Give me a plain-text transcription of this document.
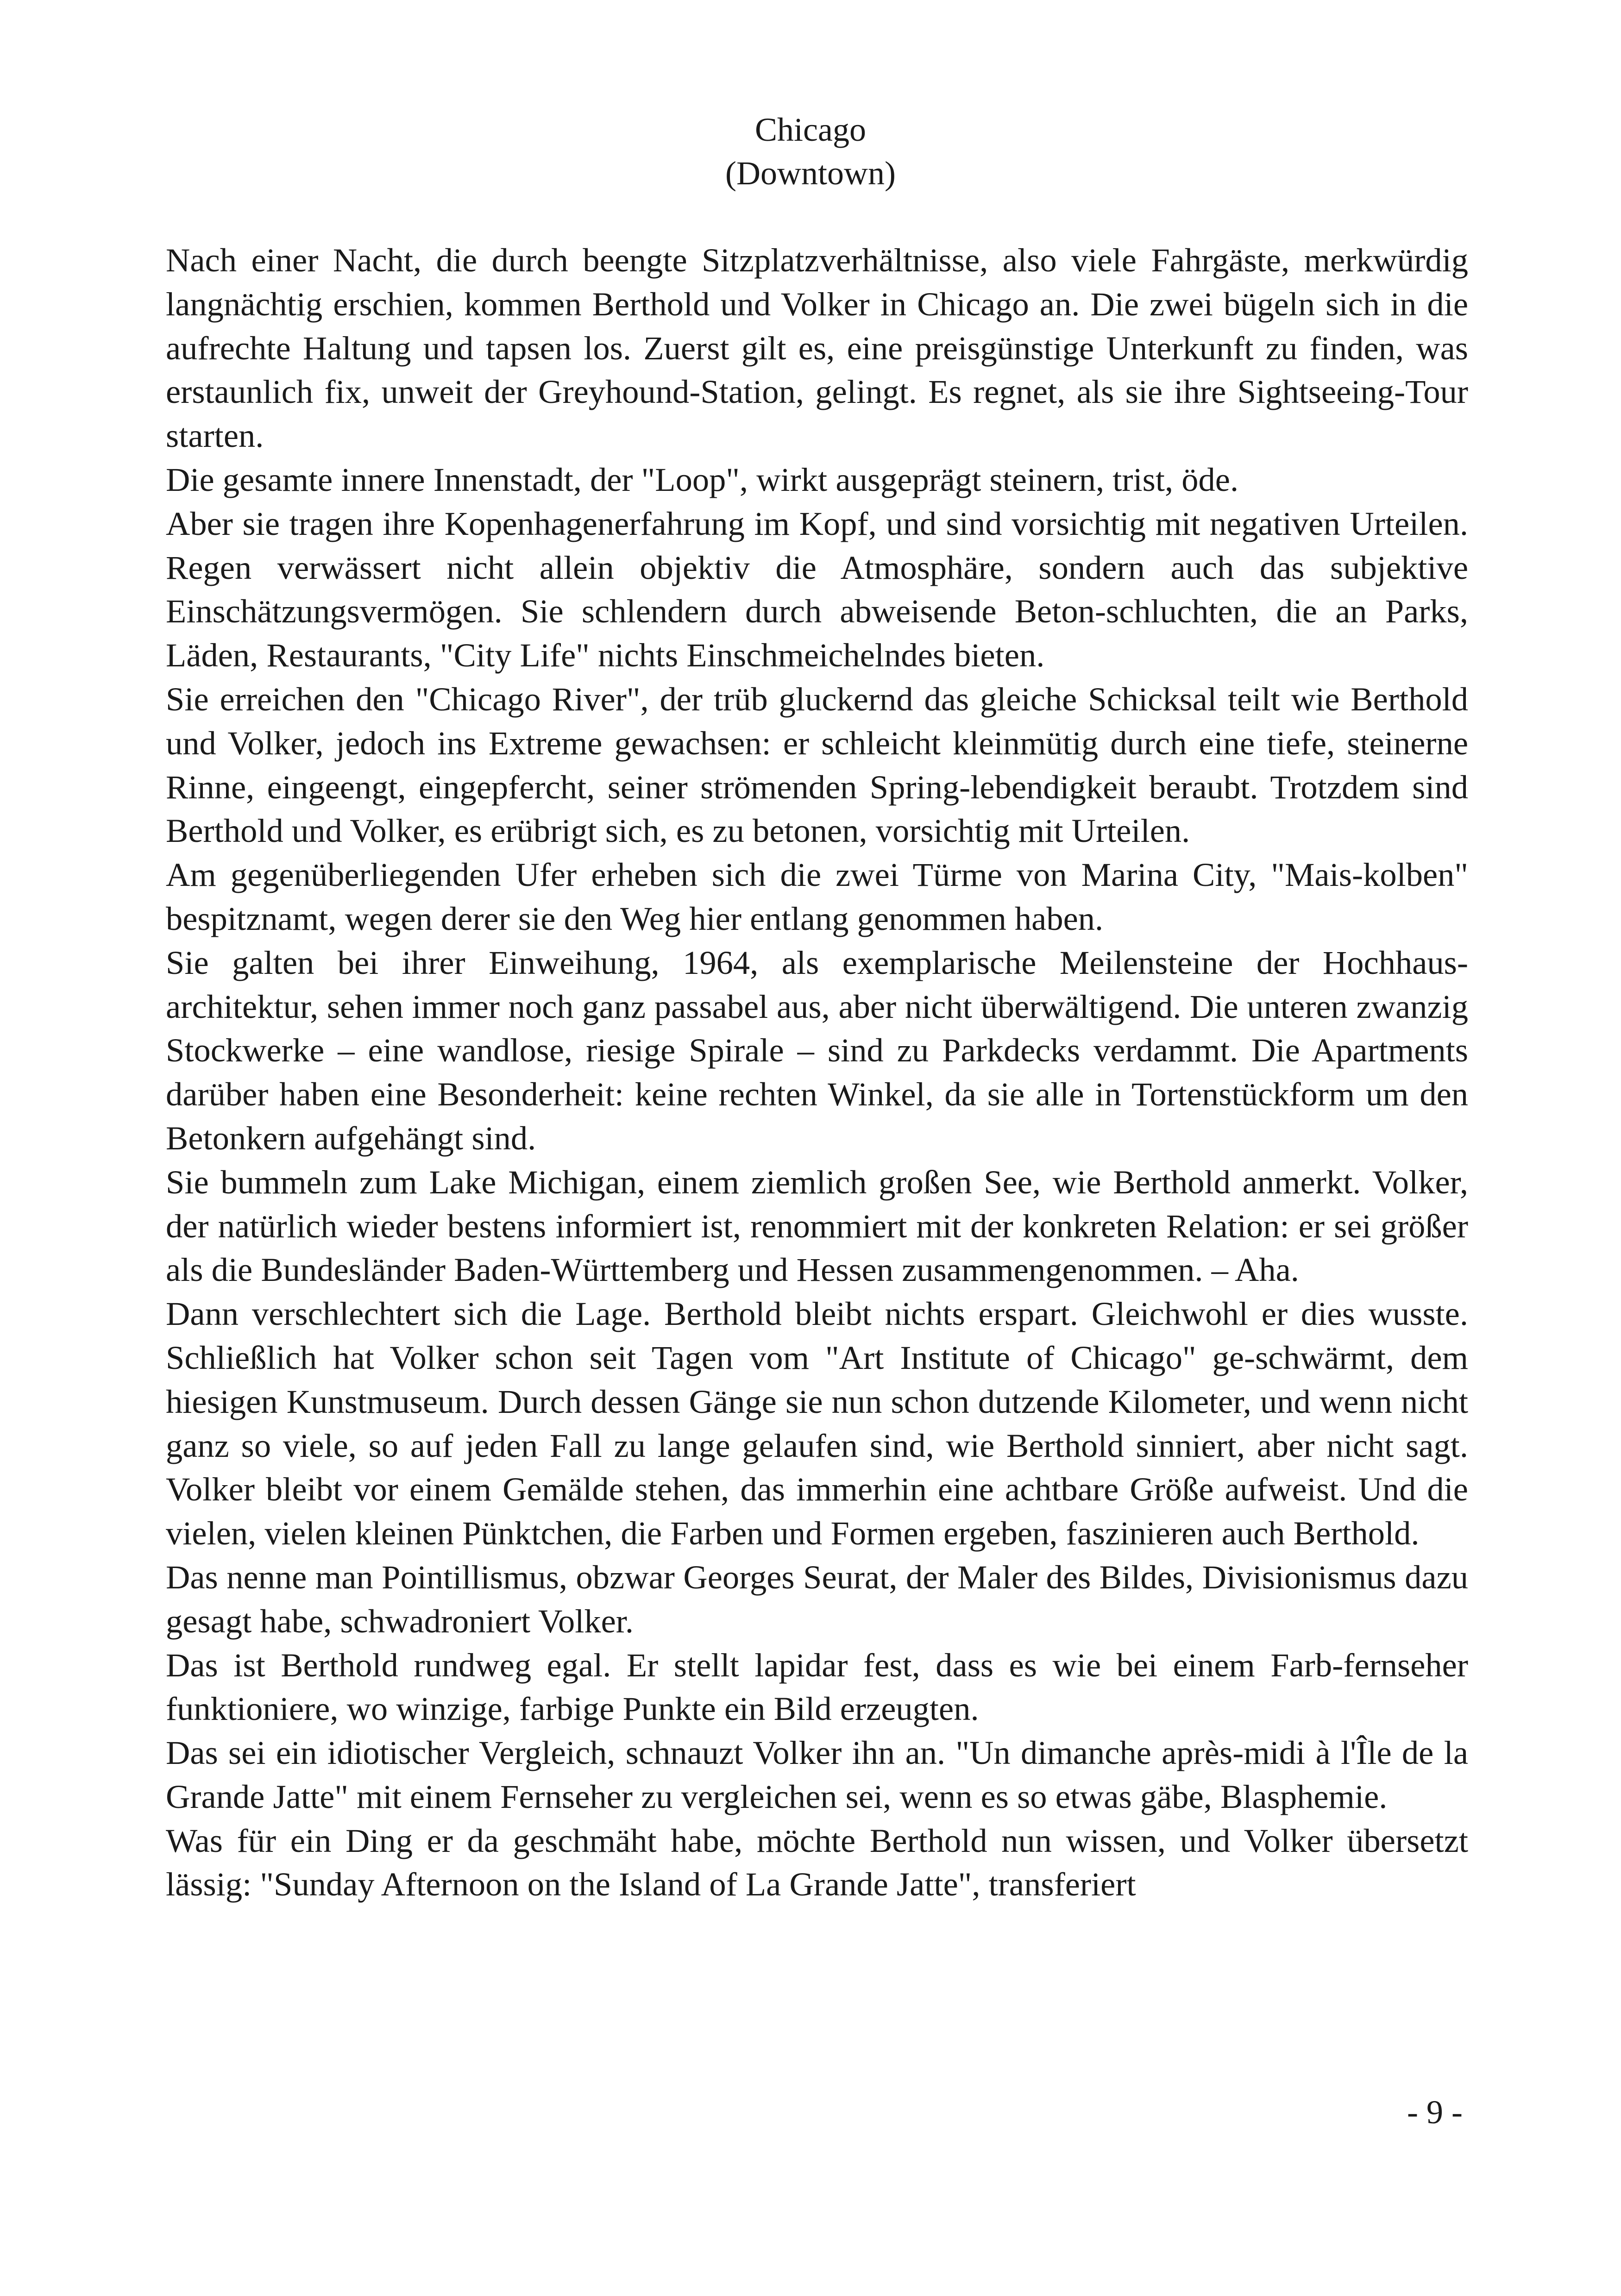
Chicago
(Downtown)

Nach einer Nacht, die durch beengte Sitzplatzverhältnisse, also viele Fahrgäste, merkwürdig langnächtig erschien, kommen Berthold und Volker in Chicago an. Die zwei bügeln sich in die aufrechte Haltung und tapsen los. Zuerst gilt es, eine preisgünstige Unterkunft zu finden, was erstaunlich fix, unweit der Greyhound-Station, gelingt. Es regnet, als sie ihre Sightseeing-Tour starten.

Die gesamte innere Innenstadt, der "Loop", wirkt ausgeprägt steinern, trist, öde.

Aber sie tragen ihre Kopenhagenerfahrung im Kopf, und sind vorsichtig mit negativen Urteilen. Regen verwässert nicht allein objektiv die Atmosphäre, sondern auch das subjektive Einschätzungsvermögen. Sie schlendern durch abweisende Beton-schluchten, die an Parks, Läden, Restaurants, "City Life" nichts Einschmeichelndes bieten.

Sie erreichen den "Chicago River", der trüb gluckernd das gleiche Schicksal teilt wie Berthold und Volker, jedoch ins Extreme gewachsen: er schleicht kleinmütig durch eine tiefe, steinerne Rinne, eingeengt, eingepfercht, seiner strömenden Spring-lebendigkeit beraubt. Trotzdem sind Berthold und Volker, es erübrigt sich, es zu betonen, vorsichtig mit Urteilen.

Am gegenüberliegenden Ufer erheben sich die zwei Türme von Marina City, "Mais-kolben" bespitznamt, wegen derer sie den Weg hier entlang genommen haben.

Sie galten bei ihrer Einweihung, 1964, als exemplarische Meilensteine der Hochhaus-architektur, sehen immer noch ganz passabel aus, aber nicht überwältigend. Die unteren zwanzig Stockwerke – eine wandlose, riesige Spirale – sind zu Parkdecks verdammt. Die Apartments darüber haben eine Besonderheit: keine rechten Winkel, da sie alle in Tortenstückform um den Betonkern aufgehängt sind.

Sie bummeln zum Lake Michigan, einem ziemlich großen See, wie Berthold anmerkt. Volker, der natürlich wieder bestens informiert ist, renommiert mit der konkreten Relation: er sei größer als die Bundesländer Baden-Württemberg und Hessen zusammengenommen. – Aha.

Dann verschlechtert sich die Lage. Berthold bleibt nichts erspart. Gleichwohl er dies wusste. Schließlich hat Volker schon seit Tagen vom "Art Institute of Chicago" ge-schwärmt, dem hiesigen Kunstmuseum. Durch dessen Gänge sie nun schon dutzende Kilometer, und wenn nicht ganz so viele, so auf jeden Fall zu lange gelaufen sind, wie Berthold sinniert, aber nicht sagt. Volker bleibt vor einem Gemälde stehen, das immerhin eine achtbare Größe aufweist. Und die vielen, vielen kleinen Pünktchen, die Farben und Formen ergeben, faszinieren auch Berthold.

Das nenne man Pointillismus, obzwar Georges Seurat, der Maler des Bildes, Divisionismus dazu gesagt habe, schwadroniert Volker.

Das ist Berthold rundweg egal. Er stellt lapidar fest, dass es wie bei einem Farb-fernseher funktioniere, wo winzige, farbige Punkte ein Bild erzeugten.

Das sei ein idiotischer Vergleich, schnauzt Volker ihn an. "Un dimanche après-midi à l'Île de la Grande Jatte" mit einem Fernseher zu vergleichen sei, wenn es so etwas gäbe, Blasphemie.

Was für ein Ding er da geschmäht habe, möchte Berthold nun wissen, und Volker übersetzt lässig: "Sunday Afternoon on the Island of La Grande Jatte", transferiert

- 9 -
